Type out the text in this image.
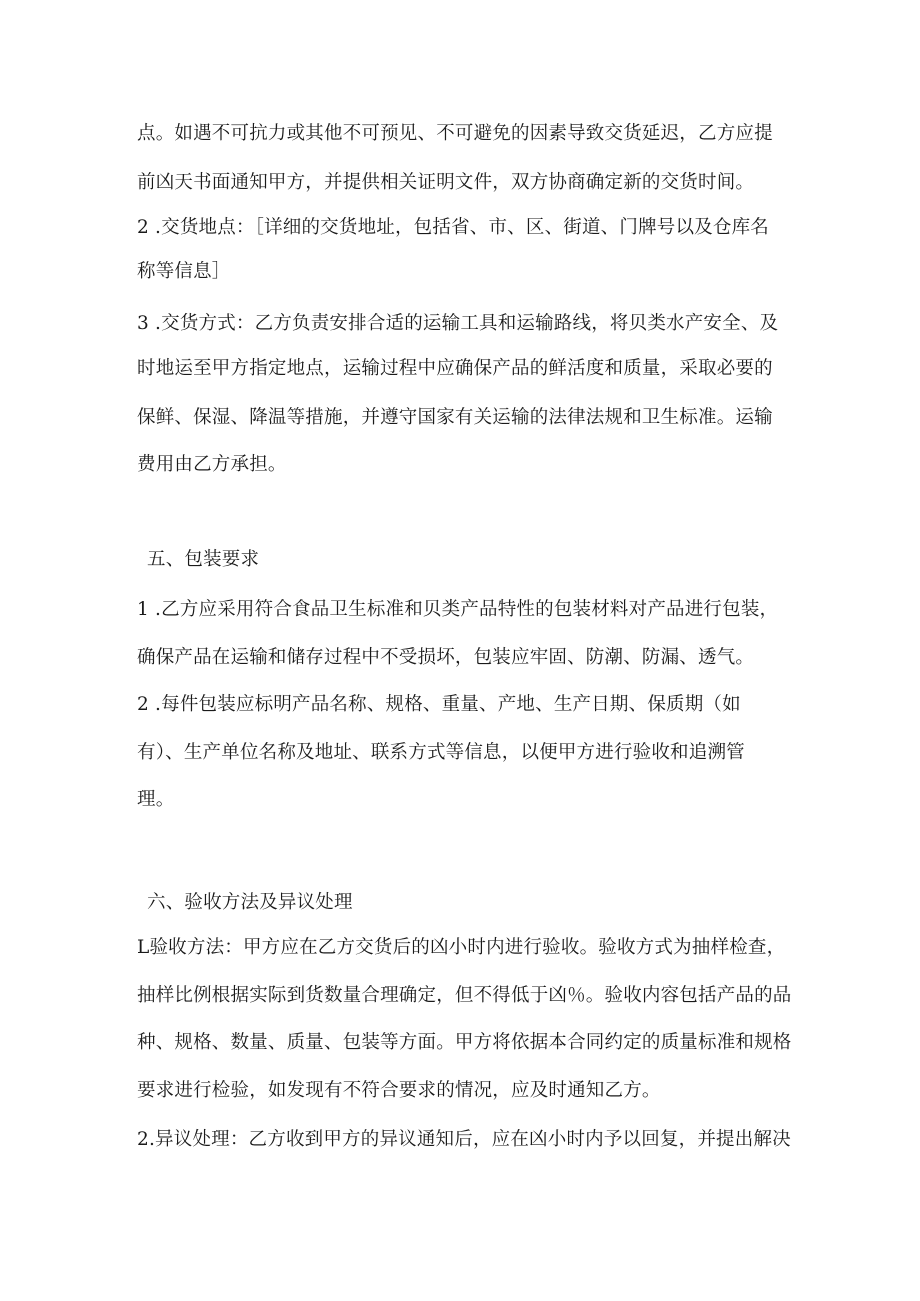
点。如遇不可抗力或其他不可预见、不可避免的因素导致交货延迟，乙方应提
前凶天书面通知甲方，并提供相关证明文件，双方协商确定新的交货时间。
2 .交货地点：［详细的交货地址，包括省、市、区、街道、门牌号以及仓库名
称等信息］
3 .交货方式：乙方负责安排合适的运输工具和运输路线，将贝类水产安全、及
时地运至甲方指定地点，运输过程中应确保产品的鲜活度和质量，采取必要的
保鲜、保湿、降温等措施，并遵守国家有关运输的法律法规和卫生标准。运输
费用由乙方承担。
五、包装要求
1 .乙方应采用符合食品卫生标准和贝类产品特性的包装材料对产品进行包装，
确保产品在运输和储存过程中不受损坏，包装应牢固、防潮、防漏、透气。
2 .每件包装应标明产品名称、规格、重量、产地、生产日期、保质期（如
有）、生产单位名称及地址、联系方式等信息，以便甲方进行验收和追溯管
理。
六、验收方法及异议处理
L验收方法：甲方应在乙方交货后的凶小时内进行验收。验收方式为抽样检查，
抽样比例根据实际到货数量合理确定，但不得低于凶％。验收内容包括产品的品
种、规格、数量、质量、包装等方面。甲方将依据本合同约定的质量标准和规格
要求进行检验，如发现有不符合要求的情况，应及时通知乙方。
2.异议处理：乙方收到甲方的异议通知后，应在凶小时内予以回复，并提出解决
